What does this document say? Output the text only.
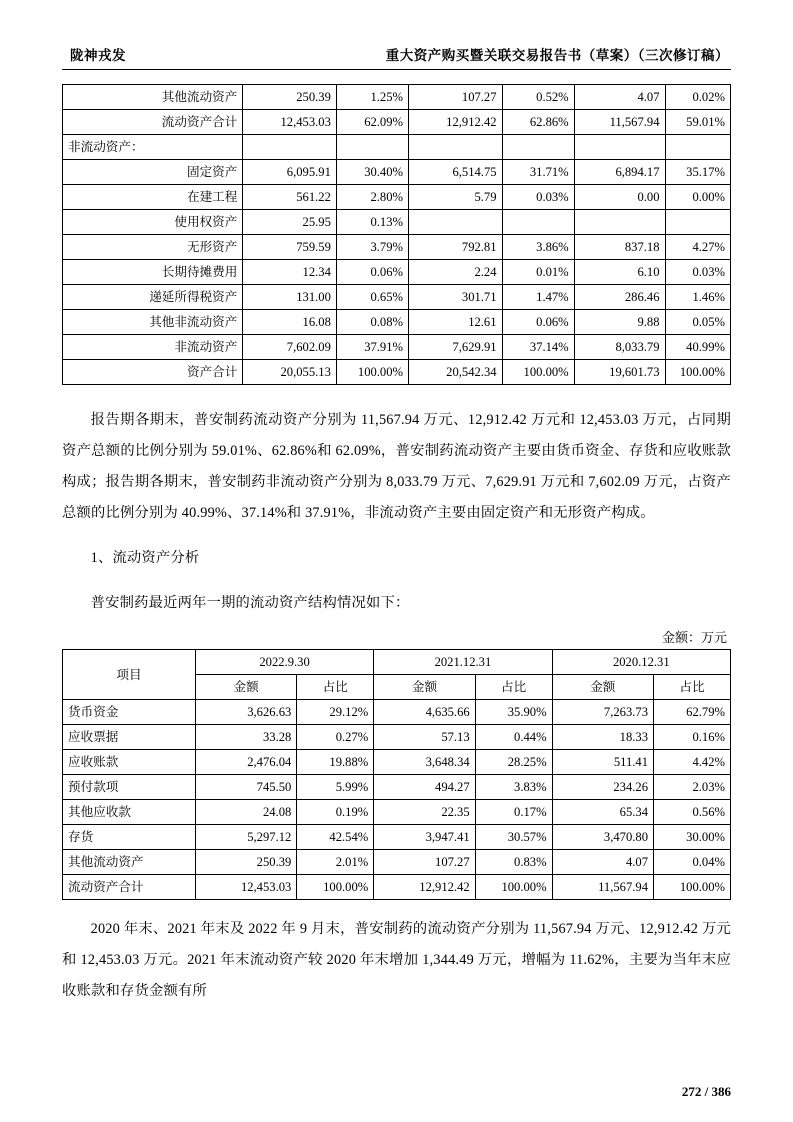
陇神戎发	重大资产购买暨关联交易报告书（草案）（三次修订稿）
其他流动资产	250.39	1.25%	107.27	0.52%	4.07	0.02%
流动资产合计	12,453.03	62.09%	12,912.42	62.86%	11,567.94	59.01%
非流动资产：						
固定资产	6,095.91	30.40%	6,514.75	31.71%	6,894.17	35.17%
在建工程	561.22	2.80%	5.79	0.03%	0.00	0.00%
使用权资产	25.95	0.13%				
无形资产	759.59	3.79%	792.81	3.86%	837.18	4.27%
长期待摊费用	12.34	0.06%	2.24	0.01%	6.10	0.03%
递延所得税资产	131.00	0.65%	301.71	1.47%	286.46	1.46%
其他非流动资产	16.08	0.08%	12.61	0.06%	9.88	0.05%
非流动资产	7,602.09	37.91%	7,629.91	37.14%	8,033.79	40.99%
资产合计	20,055.13	100.00%	20,542.34	100.00%	19,601.73	100.00%

报告期各期末，普安制药流动资产分别为 11,567.94 万元、12,912.42 万元和 12,453.03 万元，占同期资产总额的比例分别为 59.01%、62.86%和 62.09%，普安制药流动资产主要由货币资金、存货和应收账款构成；报告期各期末，普安制药非流动资产分别为 8,033.79 万元、7,629.91 万元和 7,602.09 万元，占资产总额的比例分别为 40.99%、37.14%和 37.91%，非流动资产主要由固定资产和无形资产构成。

1、流动资产分析

普安制药最近两年一期的流动资产结构情况如下：

金额：万元
项目	2022.9.30		2021.12.31		2020.12.31	
	金额	占比	金额	占比	金额	占比
货币资金	3,626.63	29.12%	4,635.66	35.90%	7,263.73	62.79%
应收票据	33.28	0.27%	57.13	0.44%	18.33	0.16%
应收账款	2,476.04	19.88%	3,648.34	28.25%	511.41	4.42%
预付款项	745.50	5.99%	494.27	3.83%	234.26	2.03%
其他应收款	24.08	0.19%	22.35	0.17%	65.34	0.56%
存货	5,297.12	42.54%	3,947.41	30.57%	3,470.80	30.00%
其他流动资产	250.39	2.01%	107.27	0.83%	4.07	0.04%
流动资产合计	12,453.03	100.00%	12,912.42	100.00%	11,567.94	100.00%

2020 年末、2021 年末及 2022 年 9 月末，普安制药的流动资产分别为 11,567.94 万元、12,912.42 万元和 12,453.03 万元。2021 年末流动资产较 2020 年末增加 1,344.49 万元，增幅为 11.62%，主要为当年末应收账款和存货金额有所

272 / 386
